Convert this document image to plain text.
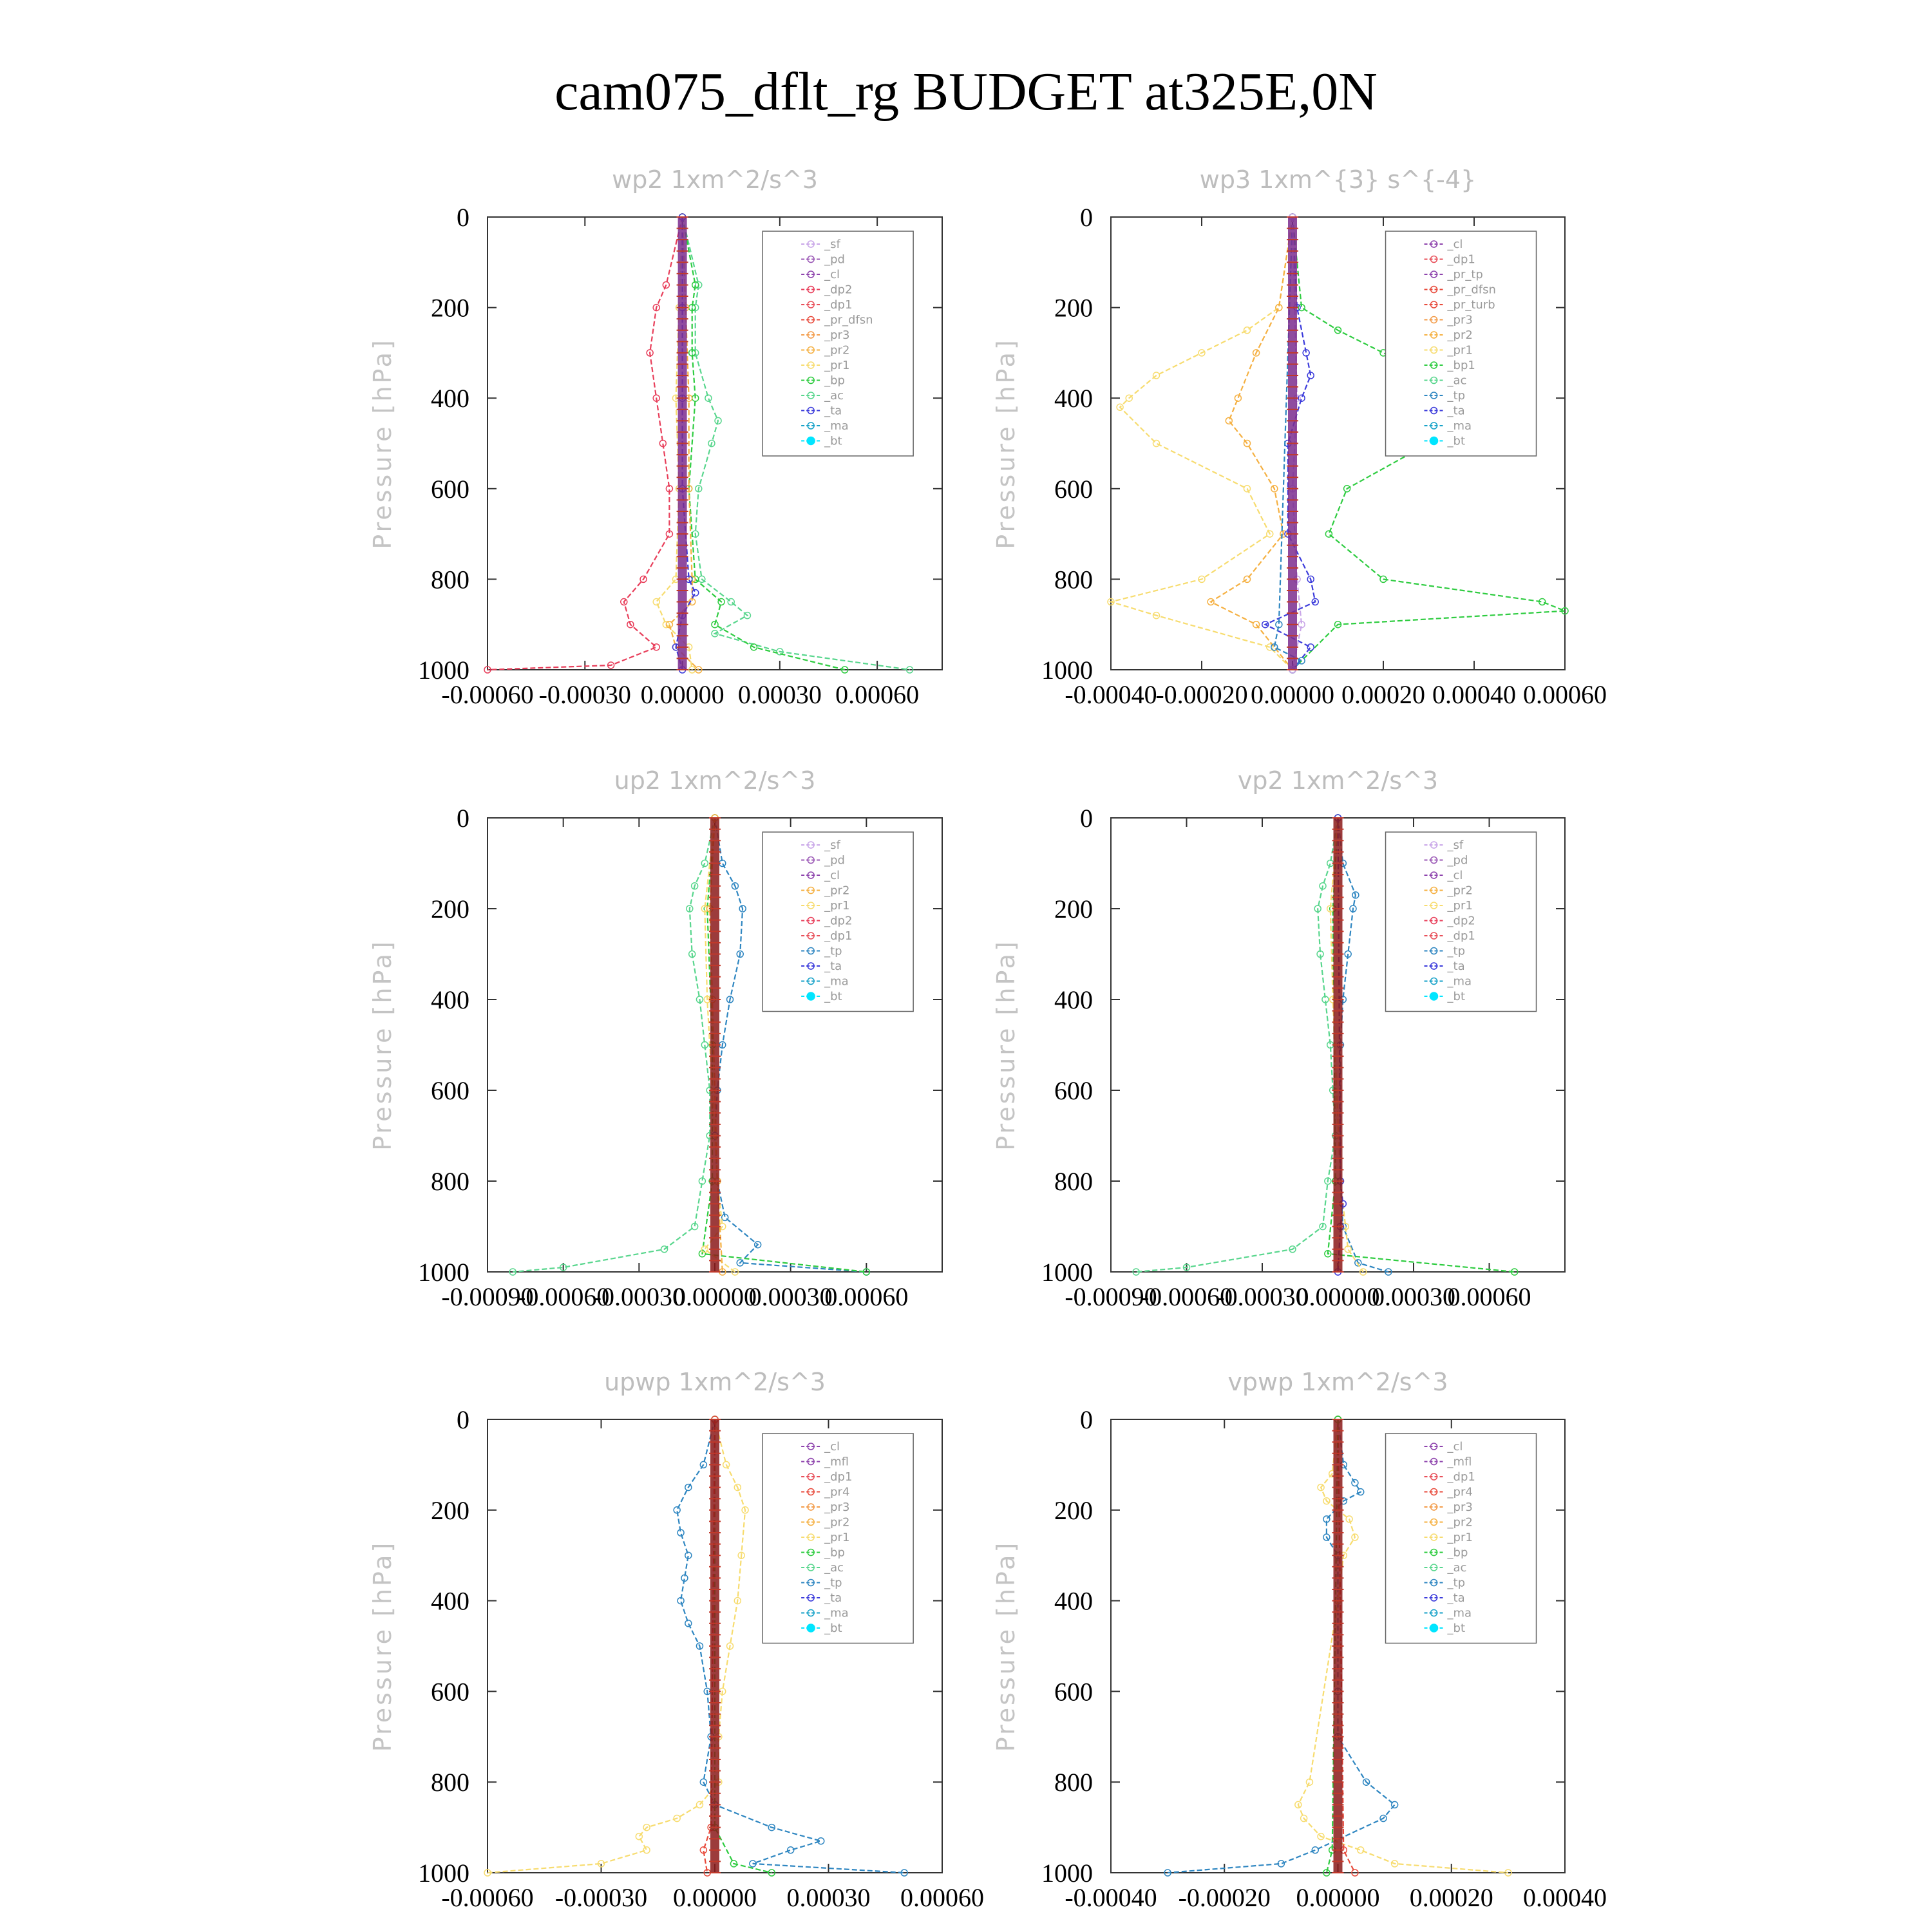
cam075_dflt_rg BUDGET at325E,0N
wp2 1xm^2/s^3
Pressure [hPa]
0
200
400
600
800
1000
-0.00060 -0.00030 0.00000 0.00030 0.00060
_sf
_pd
_cl
_dp2
_dp1
_pr_dfsn
_pr3
_pr2
_pr1
_bp
_ac
_ta
_ma
_bt
wp3 1xm^{3} s^{-4}
Pressure [hPa]
0
200
400
600
800
1000
-0.00040
-0.00020 0.00000 0.00020 0.00040 0.00060
_cl
_dp1
_pr_tp
_pr_dfsn
_pr_turb
_pr3
_pr2
_pr1
_bp1
_ac
_tp
_ta
_ma
_bt
up2 1xm^2/s^3
Pressure [hPa]
0
200
400
600
800
1000
-0.00090
-0.00060
-0.00030
0.00000
0.00030
0.00060
_sf
_pd
_cl
_pr2
_pr1
_dp2
_dp1
_tp
_ta
_ma
_bt
vp2 1xm^2/s^3
Pressure [hPa]
0
200
400
600
800
1000
-0.00090
-0.00060
-0.00030
0.00000
0.00030
0.00060
_sf
_pd
_cl
_pr2
_pr1
_dp2
_dp1
_tp
_ta
_ma
_bt
upwp 1xm^2/s^3
Pressure [hPa]
0
200
400
600
800
1000
-0.00060 -0.00030 0.00000 0.00030 0.00060
_cl
_mfl
_dp1
_pr4
_pr3
_pr2
_pr1
_bp
_ac
_tp
_ta
_ma
_bt
vpwp 1xm^2/s^3
Pressure [hPa]
0
200
400
600
800
1000
-0.00040 -0.00020 0.00000 0.00020 0.00040
_cl
_mfl
_dp1
_pr4
_pr3
_pr2
_pr1
_bp
_ac
_tp
_ta
_ma
_bt
